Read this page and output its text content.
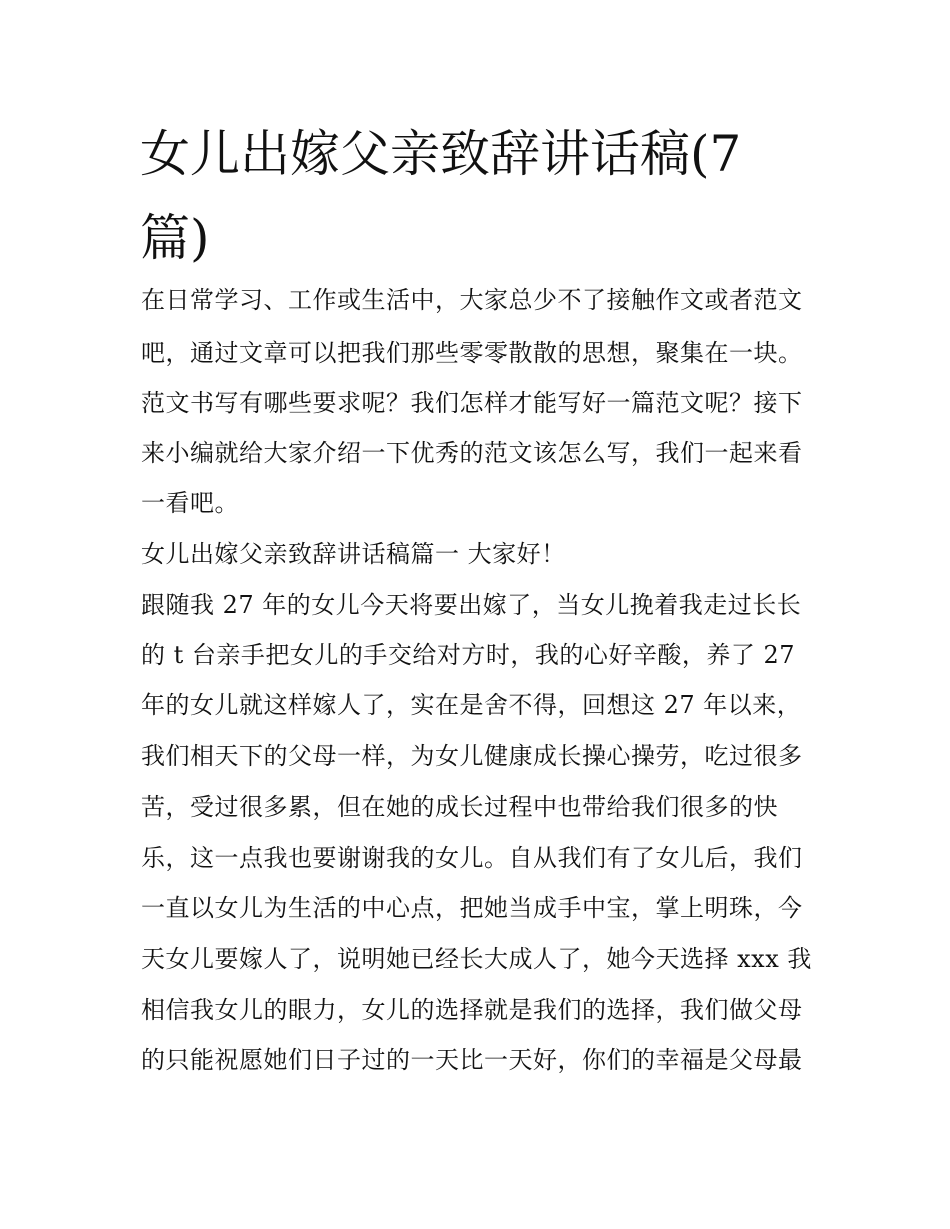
女儿出嫁父亲致辞讲话稿(7
篇)

在日常学习、工作或生活中，大家总少不了接触作文或者范文

吧，通过文章可以把我们那些零零散散的思想，聚集在一块。

范文书写有哪些要求呢？我们怎样才能写好一篇范文呢？接下

来小编就给大家介绍一下优秀的范文该怎么写，我们一起来看

一看吧。

女儿出嫁父亲致辞讲话稿篇一 大家好！

跟随我 27 年的女儿今天将要出嫁了，当女儿挽着我走过长长

的 t 台亲手把女儿的手交给对方时，我的心好辛酸，养了 27

年的女儿就这样嫁人了，实在是舍不得，回想这 27 年以来，

我们相天下的父母一样，为女儿健康成长操心操劳，吃过很多

苦，受过很多累，但在她的成长过程中也带给我们很多的快

乐，这一点我也要谢谢我的女儿。自从我们有了女儿后，我们

一直以女儿为生活的中心点，把她当成手中宝，掌上明珠，今

天女儿要嫁人了，说明她已经长大成人了，她今天选择 xxx 我

相信我女儿的眼力，女儿的选择就是我们的选择，我们做父母

的只能祝愿她们日子过的一天比一天好，你们的幸福是父母最
